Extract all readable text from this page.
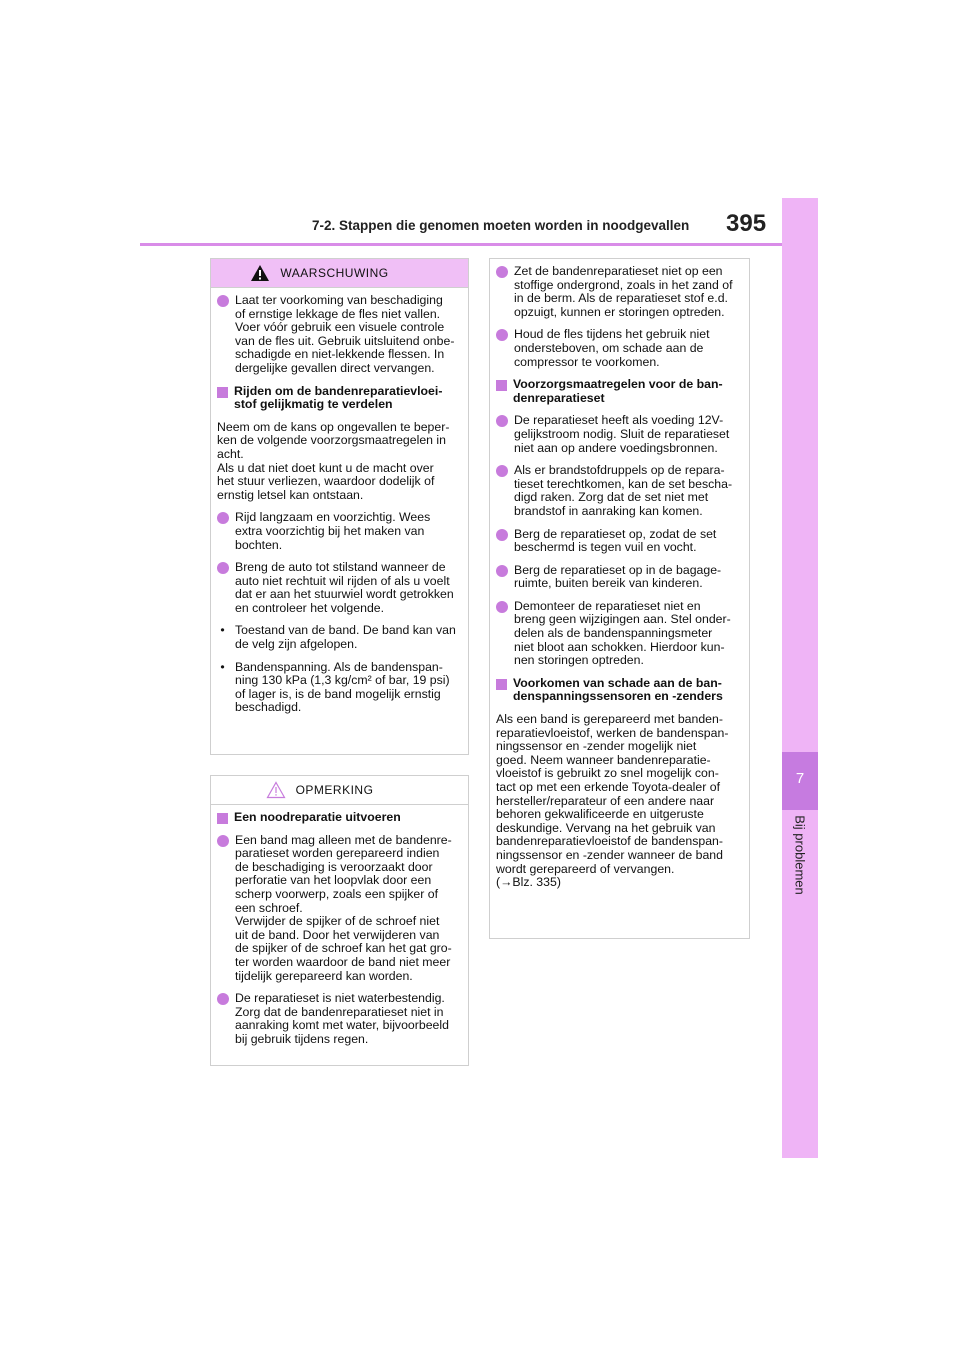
7-2. Stappen die genomen moeten worden in noodgevallen 395
7
Bij problemen
WAARSCHUWING
Laat ter voorkoming van beschadiging
of ernstige lekkage de fles niet vallen.
Voer vóór gebruik een visuele controle
van de fles uit. Gebruik uitsluitend onbe-
schadigde en niet-lekkende flessen. In
dergelijke gevallen direct vervangen.
Rijden om de bandenreparatievloei-
stof gelijkmatig te verdelen
Neem om de kans op ongevallen te beper-
ken de volgende voorzorgsmaatregelen in
acht.
Als u dat niet doet kunt u de macht over
het stuur verliezen, waardoor dodelijk of
ernstig letsel kan ontstaan.
Rijd langzaam en voorzichtig. Wees
extra voorzichtig bij het maken van
bochten.
Breng de auto tot stilstand wanneer de
auto niet rechtuit wil rijden of als u voelt
dat er aan het stuurwiel wordt getrokken
en controleer het volgende.
• Toestand van de band. De band kan van
de velg zijn afgelopen.
• Bandenspanning. Als de bandenspan-
ning 130 kPa (1,3 kg/cm² of bar, 19 psi)
of lager is, is de band mogelijk ernstig
beschadigd.
OPMERKING
Een noodreparatie uitvoeren
Een band mag alleen met de bandenre-
paratieset worden gerepareerd indien
de beschadiging is veroorzaakt door
perforatie van het loopvlak door een
scherp voorwerp, zoals een spijker of
een schroef.
Verwijder de spijker of de schroef niet
uit de band. Door het verwijderen van
de spijker of de schroef kan het gat gro-
ter worden waardoor de band niet meer
tijdelijk gerepareerd kan worden.
De reparatieset is niet waterbestendig.
Zorg dat de bandenreparatieset niet in
aanraking komt met water, bijvoorbeeld
bij gebruik tijdens regen.
Zet de bandenreparatieset niet op een
stoffige ondergrond, zoals in het zand of
in de berm. Als de reparatieset stof e.d.
opzuigt, kunnen er storingen optreden.
Houd de fles tijdens het gebruik niet
ondersteboven, om schade aan de
compressor te voorkomen.
Voorzorgsmaatregelen voor de ban-
denreparatieset
De reparatieset heeft als voeding 12V-
gelijkstroom nodig. Sluit de reparatieset
niet aan op andere voedingsbronnen.
Als er brandstofdruppels op de repara-
tieset terechtkomen, kan de set bescha-
digd raken. Zorg dat de set niet met
brandstof in aanraking kan komen.
Berg de reparatieset op, zodat de set
beschermd is tegen vuil en vocht.
Berg de reparatieset op in de bagage-
ruimte, buiten bereik van kinderen.
Demonteer de reparatieset niet en
breng geen wijzigingen aan. Stel onder-
delen als de bandenspanningsmeter
niet bloot aan schokken. Hierdoor kun-
nen storingen optreden.
Voorkomen van schade aan de ban-
denspanningssensoren en -zenders
Als een band is gerepareerd met banden-
reparatievloeistof, werken de bandenspan-
ningssensor en -zender mogelijk niet
goed. Neem wanneer bandenreparatie-
vloeistof is gebruikt zo snel mogelijk con-
tact op met een erkende Toyota-dealer of
hersteller/reparateur of een andere naar
behoren gekwalificeerde en uitgeruste
deskundige. Vervang na het gebruik van
bandenreparatievloeistof de bandenspan-
ningssensor en -zender wanneer de band
wordt gerepareerd of vervangen.
(→Blz. 335)
